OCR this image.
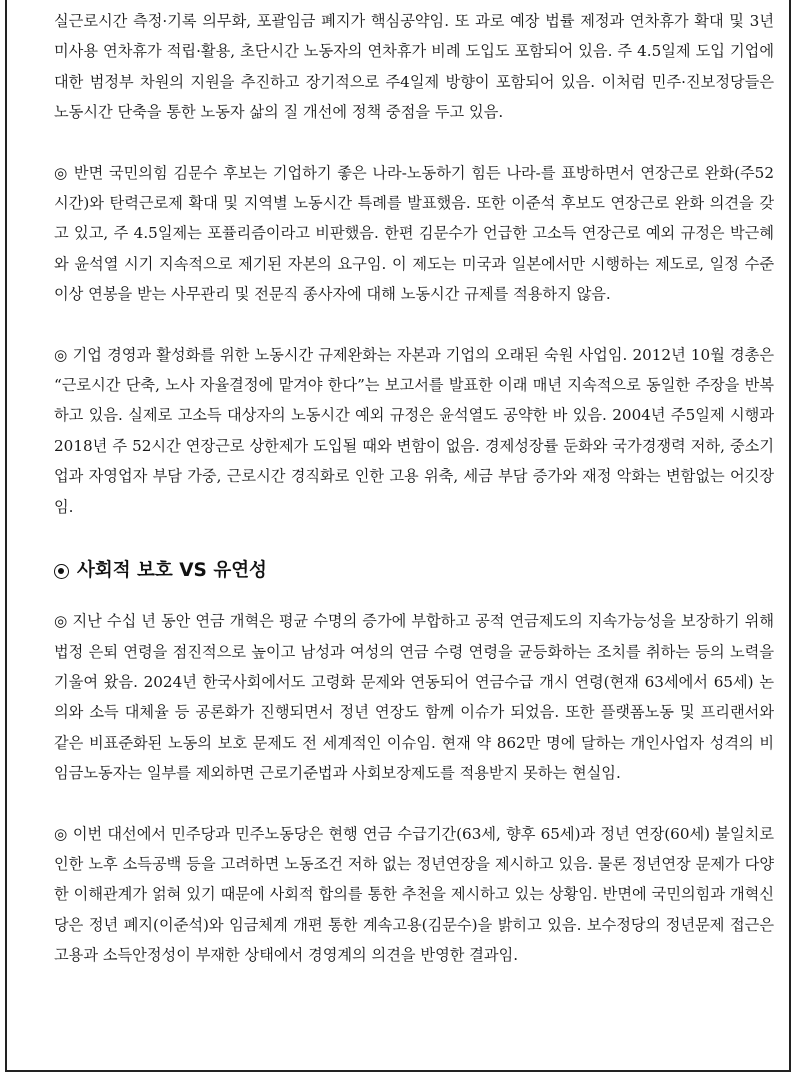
실근로시간 측정·기록 의무화, 포괄임금 폐지가 핵심공약임. 또 과로 예장 법률 제정과 연차휴가 확대 및 3년 미사용 연차휴가 적립·활용, 초단시간 노동자의 연차휴가 비례 도입도 포함되어 있음. 주 4.5일제 도입 기업에 대한 범정부 차원의 지원을 추진하고 장기적으로 주4일제 방향이 포함되어 있음. 이처럼 민주·진보정당들은 노동시간 단축을 통한 노동자 삶의 질 개선에 정책 중점을 두고 있음.

◎ 반면 국민의힘 김문수 후보는 기업하기 좋은 나라-노동하기 힘든 나라-를 표방하면서 연장근로 완화(주52시간)와 탄력근로제 확대 및 지역별 노동시간 특례를 발표했음. 또한 이준석 후보도 연장근로 완화 의견을 갖고 있고, 주 4.5일제는 포퓰리즘이라고 비판했음. 한편 김문수가 언급한 고소득 연장근로 예외 규정은 박근혜와 윤석열 시기 지속적으로 제기된 자본의 요구임. 이 제도는 미국과 일본에서만 시행하는 제도로, 일정 수준 이상 연봉을 받는 사무관리 및 전문직 종사자에 대해 노동시간 규제를 적용하지 않음.

◎ 기업 경영과 활성화를 위한 노동시간 규제완화는 자본과 기업의 오래된 숙원 사업임. 2012년 10월 경총은 “근로시간 단축, 노사 자율결정에 맡겨야 한다”는 보고서를 발표한 이래 매년 지속적으로 동일한 주장을 반복하고 있음. 실제로 고소득 대상자의 노동시간 예외 규정은 윤석열도 공약한 바 있음. 2004년 주5일제 시행과 2018년 주 52시간 연장근로 상한제가 도입될 때와 변함이 없음. 경제성장률 둔화와 국가경쟁력 저하, 중소기업과 자영업자 부담 가중, 근로시간 경직화로 인한 고용 위축, 세금 부담 증가와 재정 악화는 변함없는 어깃장임.

사회적 보호 VS 유연성

◎ 지난 수십 년 동안 연금 개혁은 평균 수명의 증가에 부합하고 공적 연금제도의 지속가능성을 보장하기 위해 법정 은퇴 연령을 점진적으로 높이고 남성과 여성의 연금 수령 연령을 균등화하는 조치를 취하는 등의 노력을 기울여 왔음. 2024년 한국사회에서도 고령화 문제와 연동되어 연금수급 개시 연령(현재 63세에서 65세) 논의와 소득 대체율 등 공론화가 진행되면서 정년 연장도 함께 이슈가 되었음. 또한 플랫폼노동 및 프리랜서와 같은 비표준화된 노동의 보호 문제도 전 세계적인 이슈임. 현재 약 862만 명에 달하는 개인사업자 성격의 비임금노동자는 일부를 제외하면 근로기준법과 사회보장제도를 적용받지 못하는 현실임.

◎ 이번 대선에서 민주당과 민주노동당은 현행 연금 수급기간(63세, 향후 65세)과 정년 연장(60세) 불일치로 인한 노후 소득공백 등을 고려하면 노동조건 저하 없는 정년연장을 제시하고 있음. 물론 정년연장 문제가 다양한 이해관계가 얽혀 있기 때문에 사회적 합의를 통한 추천을 제시하고 있는 상황임. 반면에 국민의힘과 개혁신당은 정년 폐지(이준석)와 임금체계 개편 통한 계속고용(김문수)을 밝히고 있음. 보수정당의 정년문제 접근은 고용과 소득안정성이 부재한 상태에서 경영계의 의견을 반영한 결과임.
